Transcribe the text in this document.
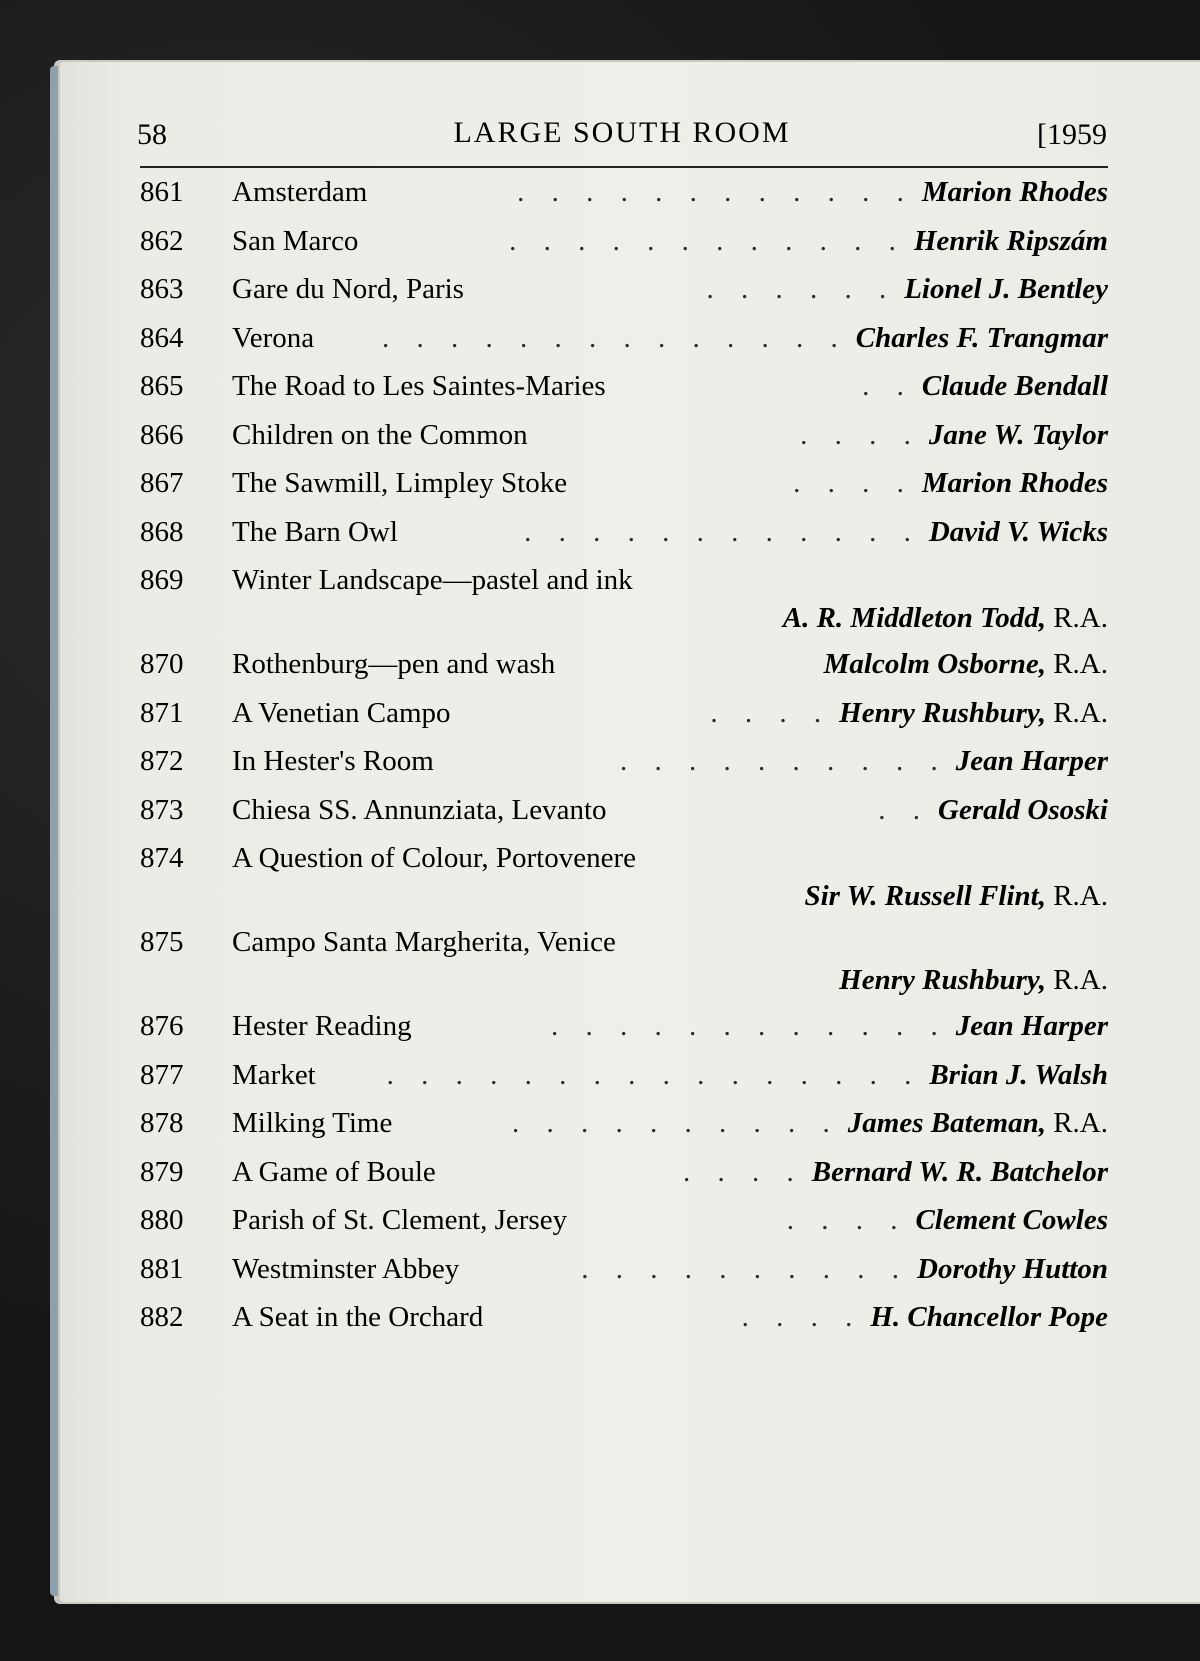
58	LARGE SOUTH ROOM	[1959
861 Amsterdam	. . . . . . . . . . . . Marion Rhodes
862 San Marco	. . . . . . . . . . . . Henrik Ripszám
863 Gare du Nord, Paris	. . . . . . Lionel J. Bentley
864 Verona	. . . . . . . . . . . . . . Charles F. Trangmar
865 The Road to Les Saintes-Maries	. . Claude Bendall
866 Children on the Common	. . . . Jane W. Taylor
867 The Sawmill, Limpley Stoke	. . . . Marion Rhodes
868 The Barn Owl	. . . . . . . . . . . . David V. Wicks
869 Winter Landscape—pastel and ink
A. R. Middleton Todd, R.A.
870 Rothenburg—pen and wash	Malcolm Osborne, R.A.
871 A Venetian Campo	. . . . Henry Rushbury, R.A.
872 In Hester's Room	. . . . . . . . . . Jean Harper
873 Chiesa SS. Annunziata, Levanto	. . Gerald Ososki
874 A Question of Colour, Portovenere
Sir W. Russell Flint, R.A.
875 Campo Santa Margherita, Venice
Henry Rushbury, R.A.
876 Hester Reading	. . . . . . . . . . . . Jean Harper
877 Market	. . . . . . . . . . . . . . . . Brian J. Walsh
878 Milking Time	. . . . . . . . . . James Bateman, R.A.
879 A Game of Boule	. . . . Bernard W. R. Batchelor
880 Parish of St. Clement, Jersey	. . . . Clement Cowles
881 Westminster Abbey	. . . . . . . . . . Dorothy Hutton
882 A Seat in the Orchard	. . . . H. Chancellor Pope
